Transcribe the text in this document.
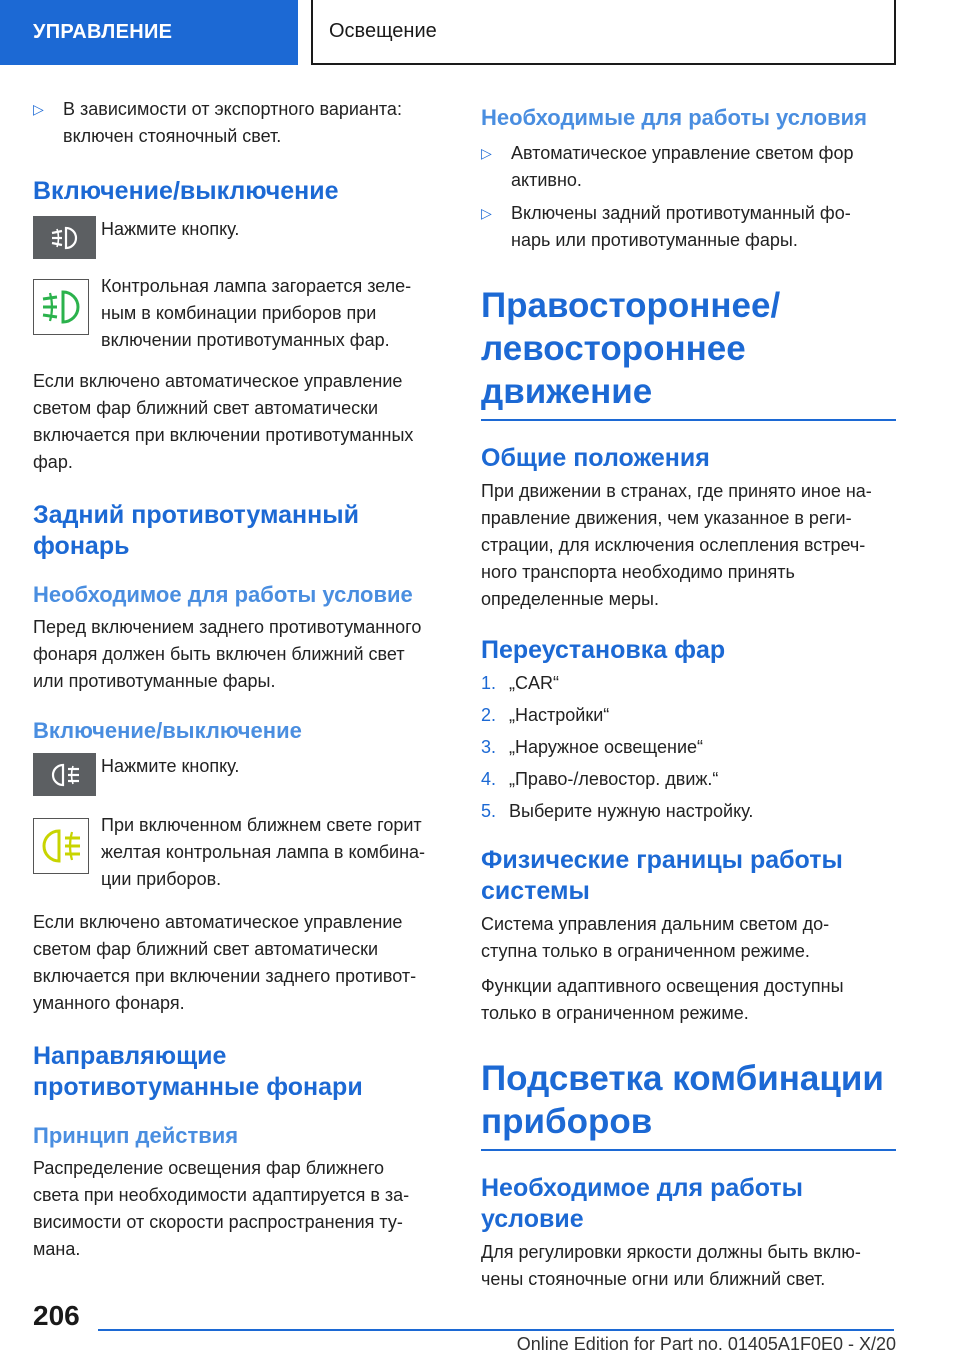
УПРАВЛЕНИЕ	Освещение
▷	В зависимости от экспортного варианта:

включен стояночный свет.

Включение/выключение

Нажмите кнопку.

Контрольная лампа загорается зеле-

ным в комбинации приборов при

включении противотуманных фар.

Если включено автоматическое управление

светом фар ближний свет автоматически

включается при включении противотуманных

фар.

Задний противотуманный
фонарь
Необходимое для работы условие

Перед включением заднего противотуманного

фонаря должен быть включен ближний свет

или противотуманные фары.

Включение/выключение

Нажмите кнопку.

При включенном ближнем свете горит

желтая контрольная лампа в комбина-

ции приборов.

Если включено автоматическое управление

светом фар ближний свет автоматически

включается при включении заднего противот-

уманного фонаря.

Направляющие
противотуманные фонари
Принцип действия

Распределение освещения фар ближнего

света при необходимости адаптируется в за-

висимости от скорости распространения ту-

мана.

Необходимые для работы условия
▷	Автоматическое управление светом фор

активно.

▷	Включены задний противотуманный фо-

нарь или противотуманные фары.

Правостороннее/
левостороннее движение
Общие положения

При движении в странах, где принято иное на-

правление движения, чем указанное в реги-

страции, для исключения ослепления встреч-

ного транспорта необходимо принять

определенные меры.

Переустановка фар
1. „CAR“
2. „Настройки“
3. „Наружное освещение“
4. „Право-/левостор. движ.“
5. Выберите нужную настройку.
Физические границы работы
системы

Система управления дальним светом до-

ступна только в ограниченном режиме.

Функции адаптивного освещения доступны

только в ограниченном режиме.

Подсветка комбинации
приборов
Необходимое для работы
условие

Для регулировки яркости должны быть вклю-

чены стояночные огни или ближний свет.

206
Online Edition for Part no. 01405A1F0E0 - X/20
